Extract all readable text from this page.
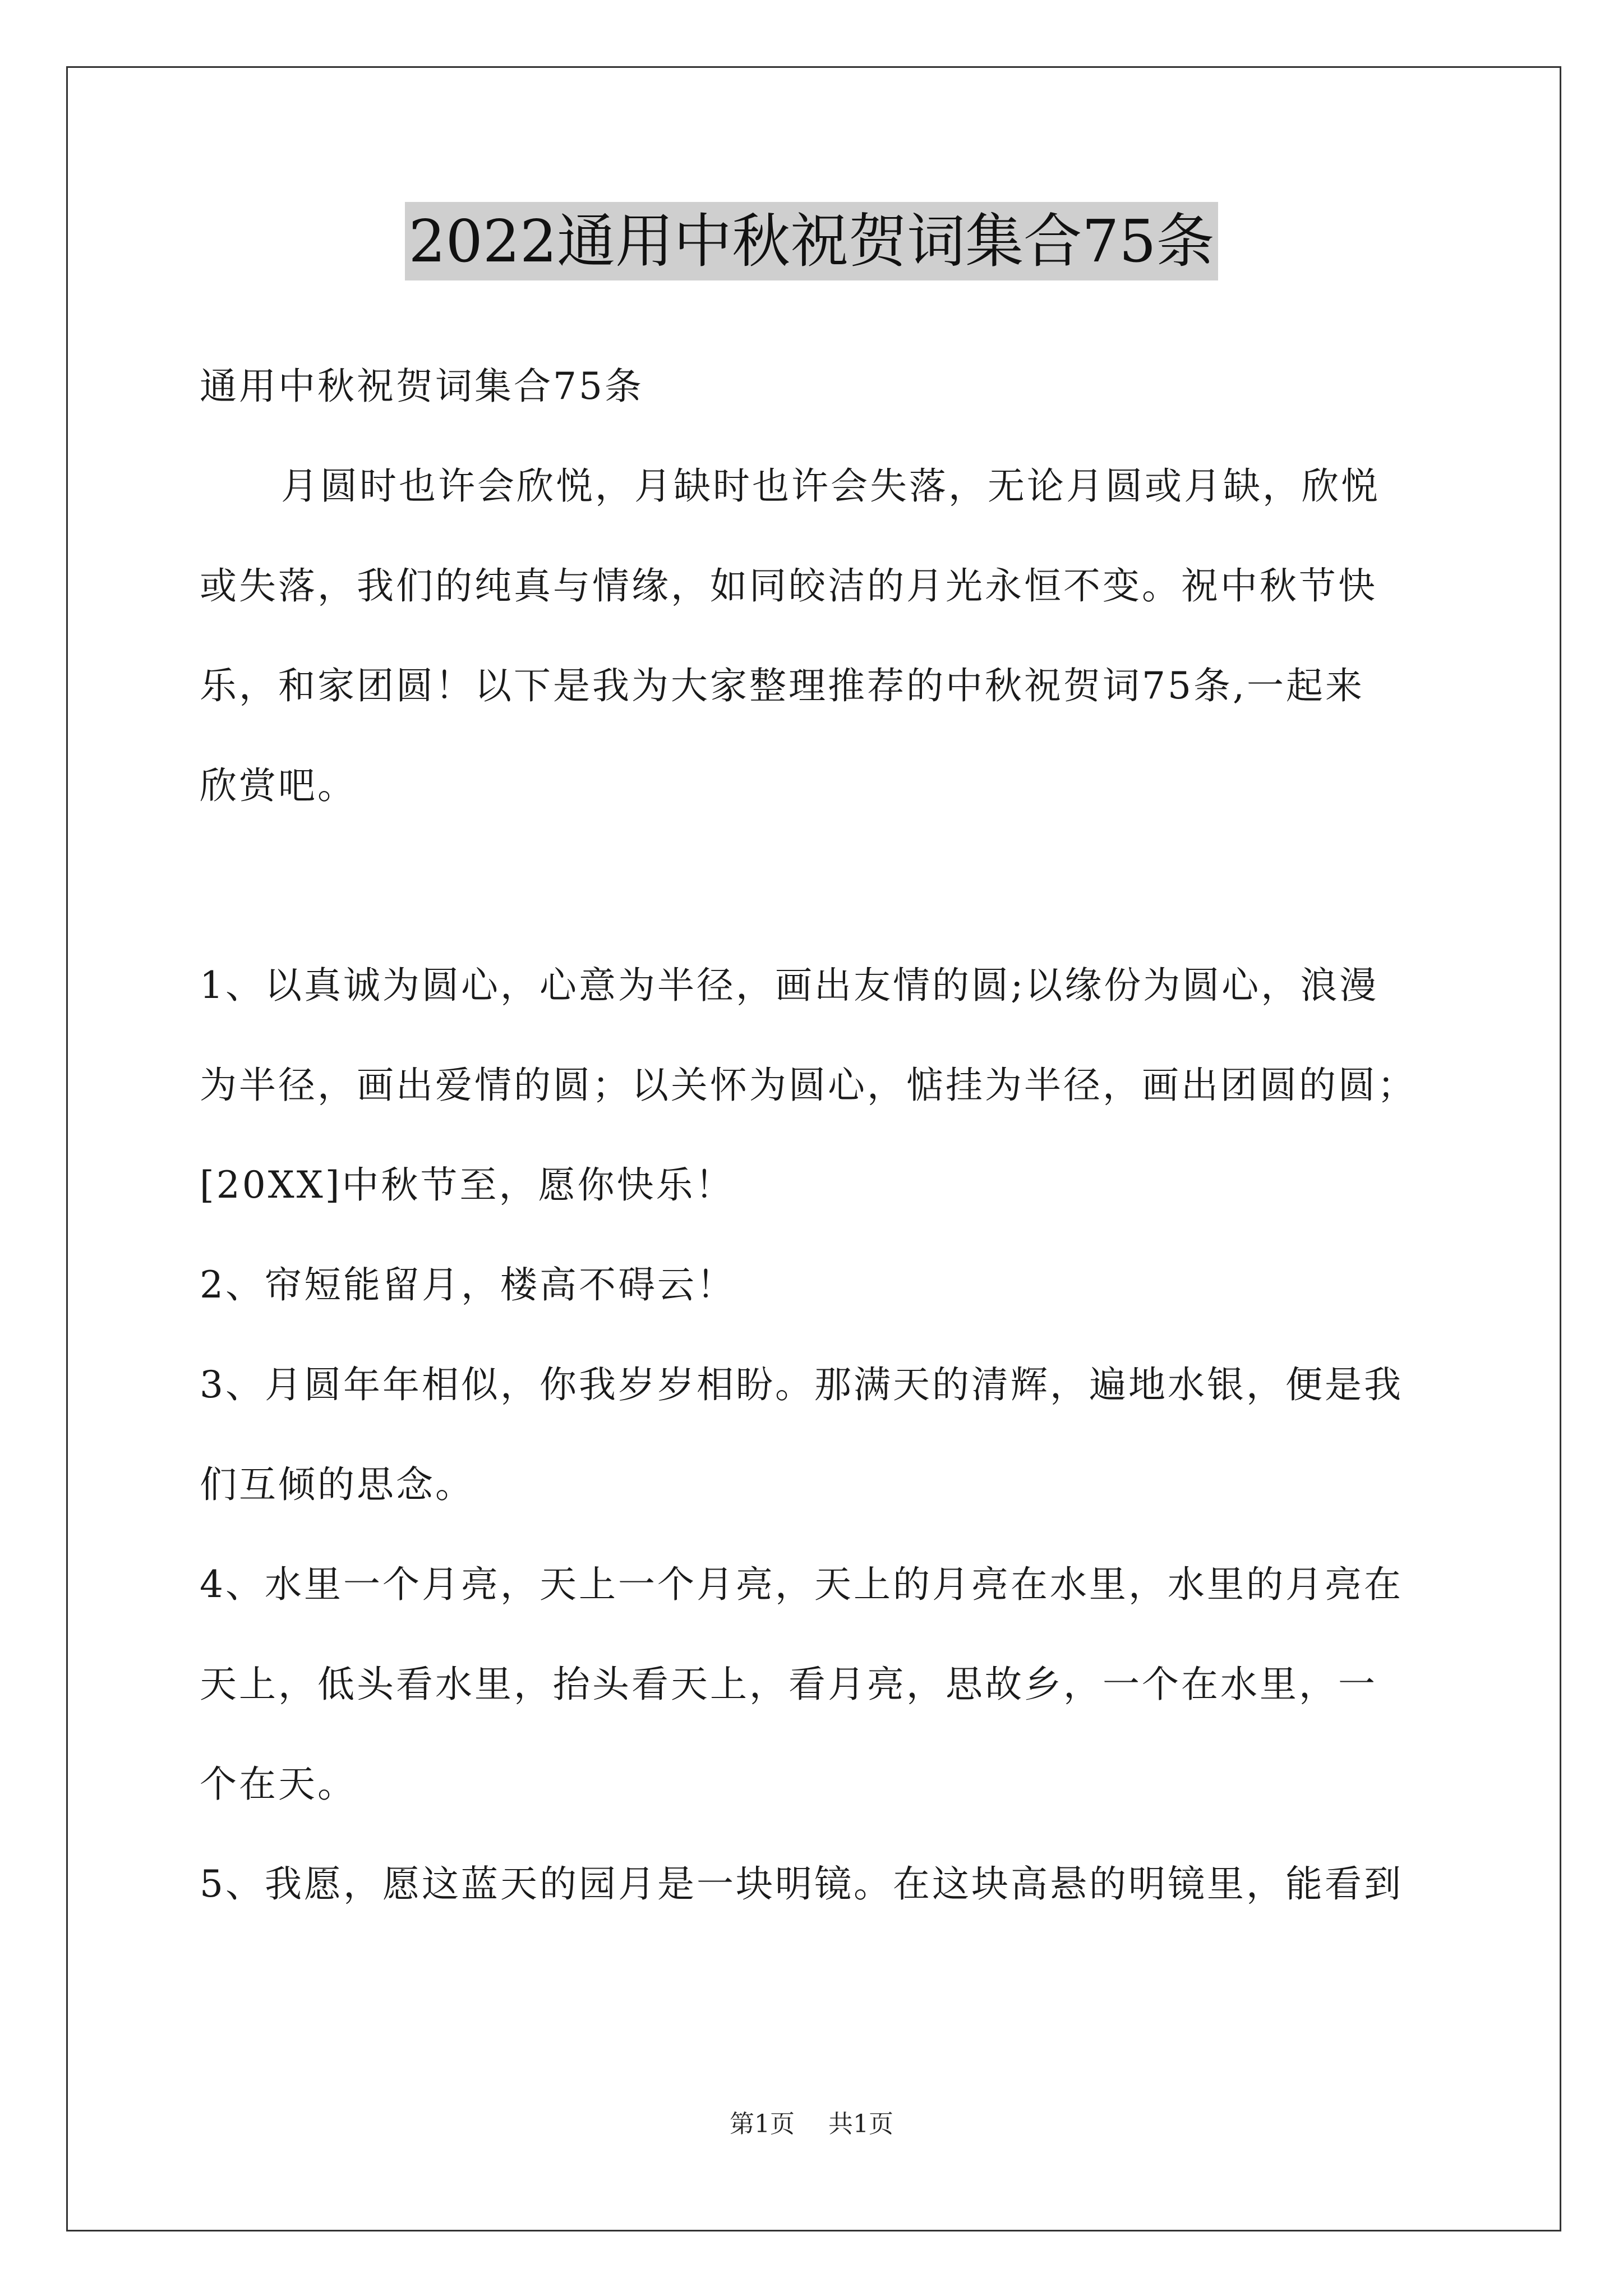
2022通用中秋祝贺词集合75条
通用中秋祝贺词集合75条
月圆时也许会欣悦，月缺时也许会失落，无论月圆或月缺，欣悦
或失落，我们的纯真与情缘，如同皎洁的月光永恒不变。祝中秋节快
乐，和家团圆！以下是我为大家整理推荐的中秋祝贺词75条,一起来
欣赏吧。
1、以真诚为圆心，心意为半径，画出友情的圆;以缘份为圆心，浪漫
为半径，画出爱情的圆；以关怀为圆心，惦挂为半径，画出团圆的圆；
[20XX]中秋节至，愿你快乐！
2、帘短能留月，楼高不碍云！
3、月圆年年相似，你我岁岁相盼。那满天的清辉，遍地水银，便是我
们互倾的思念。
4、水里一个月亮，天上一个月亮，天上的月亮在水里，水里的月亮在
天上，低头看水里，抬头看天上，看月亮，思故乡，一个在水里，一
个在天。
5、我愿，愿这蓝天的园月是一块明镜。在这块高悬的明镜里，能看到
第1页 共1页
